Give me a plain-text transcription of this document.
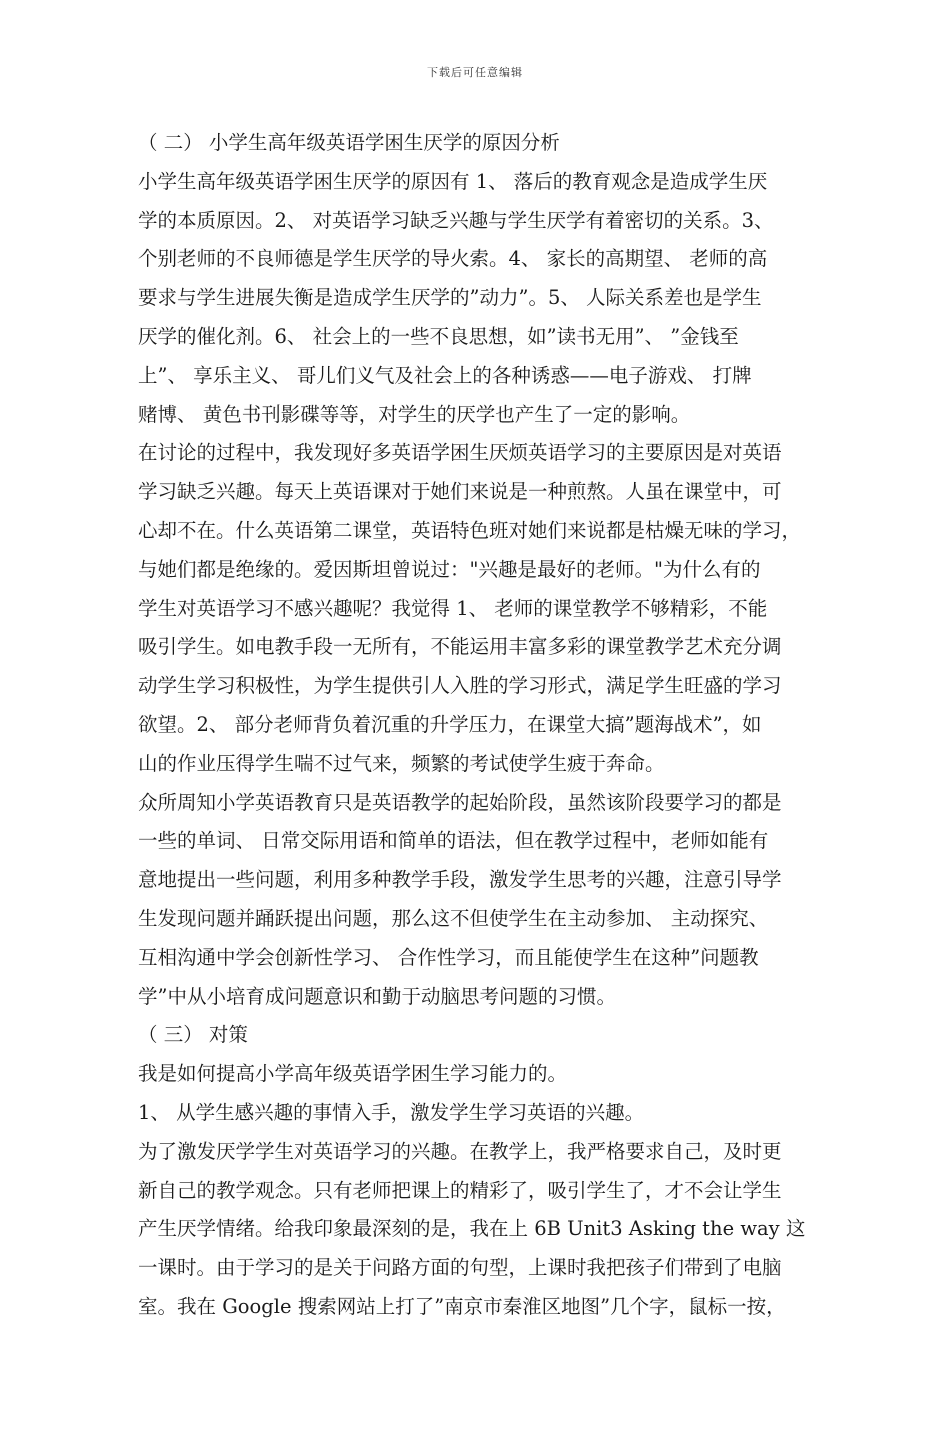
下载后可任意编辑
（ 二） 小学生高年级英语学困生厌学的原因分析
小学生高年级英语学困生厌学的原因有 1、 落后的教育观念是造成学生厌
学的本质原因。2、 对英语学习缺乏兴趣与学生厌学有着密切的关系。3、
个别老师的不良师德是学生厌学的导火索。4、 家长的高期望、 老师的高
要求与学生进展失衡是造成学生厌学的”动力”。5、 人际关系差也是学生
厌学的催化剂。6、 社会上的一些不良思想，如”读书无用”、 ”金钱至
上”、 享乐主义、 哥儿们义气及社会上的各种诱惑——电子游戏、 打牌
赌博、 黄色书刊影碟等等，对学生的厌学也产生了一定的影响。
在讨论的过程中，我发现好多英语学困生厌烦英语学习的主要原因是对英语
学习缺乏兴趣。每天上英语课对于她们来说是一种煎熬。人虽在课堂中，可
心却不在。什么英语第二课堂，英语特色班对她们来说都是枯燥无味的学习，
与她们都是绝缘的。爱因斯坦曾说过："兴趣是最好的老师。"为什么有的
学生对英语学习不感兴趣呢？我觉得 1、 老师的课堂教学不够精彩，不能
吸引学生。如电教手段一无所有，不能运用丰富多彩的课堂教学艺术充分调
动学生学习积极性，为学生提供引人入胜的学习形式，满足学生旺盛的学习
欲望。2、 部分老师背负着沉重的升学压力，在课堂大搞”题海战术”，如
山的作业压得学生喘不过气来，频繁的考试使学生疲于奔命。
众所周知小学英语教育只是英语教学的起始阶段，虽然该阶段要学习的都是
一些的单词、 日常交际用语和简单的语法，但在教学过程中，老师如能有
意地提出一些问题，利用多种教学手段，激发学生思考的兴趣，注意引导学
生发现问题并踊跃提出问题，那么这不但使学生在主动参加、 主动探究、
互相沟通中学会创新性学习、 合作性学习，而且能使学生在这种”问题教
学”中从小培育成问题意识和勤于动脑思考问题的习惯。
（ 三） 对策
我是如何提高小学高年级英语学困生学习能力的。
1、 从学生感兴趣的事情入手，激发学生学习英语的兴趣。
为了激发厌学学生对英语学习的兴趣。在教学上，我严格要求自己，及时更
新自己的教学观念。只有老师把课上的精彩了，吸引学生了，才不会让学生
产生厌学情绪。给我印象最深刻的是，我在上 6B Unit3 Asking the way 这
一课时。由于学习的是关于问路方面的句型，上课时我把孩子们带到了电脑
室。我在 Google 搜索网站上打了”南京市秦淮区地图”几个字，鼠标一按，
